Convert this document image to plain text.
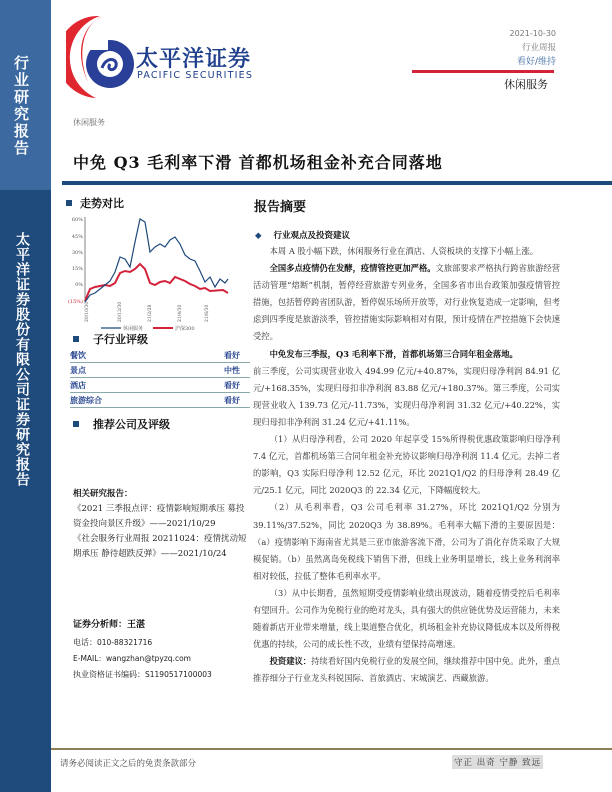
行业研究报告
太平洋证券股份有限公司证券研究报告
太平洋证券
PACIFIC SECURITIES
休闲服务
2021-10-30
行业周报
看好/维持
休闲服务
中免 Q3 毛利率下滑 首都机场租金补充合同落地
走势对比
60%
45%
30%
15%
0%
(15%) 20/10/30	20/12/30	21/2/28	21/4/30	21/6/30
休闲服务	沪深300
子行业评级
餐饮	看好
景点	中性
酒店	看好
旅游综合	看好
推荐公司及评级
相关研究报告：
《2021 三季报点评：疫情影响短期承压 募投资金投向景区升级》——2021/10/29
《社会服务行业周报 20211024：疫情扰动短期承压 静待超跌反弹》——2021/10/24
证券分析师：王湛
电话：010-88321716
E-MAIL：wangzhan@tpyzq.com
执业资格证书编码：S1190517100003
报告摘要
◆ 行业观点及投资建议

本周 A 股小幅下跌，休闲服务行业在酒店、人资板块的支撑下小幅上涨。

全国多点疫情仍在发酵，疫情管控更加严格。文旅部要求严格执行跨省旅游经营活动管理“熔断”机制，暂停经营旅游专列业务，全国多省市出台政策加强疫情管控措施，包括暂停跨省团队游，暂停娱乐场所开放等，对行业恢复造成一定影响，但考虑到四季度是旅游淡季，管控措施实际影响相对有限，预计疫情在严控措施下会快速受控。

中免发布三季报，Q3 毛利率下滑，首都机场第三合同年租金落地。

前三季度，公司实现营业收入 494.99 亿元/+40.87%，实现归母净利润 84.91 亿元/+168.35%，实现归母扣非净利润 83.88 亿元/+180.37%。第三季度，公司实现营业收入 139.73 亿元/-11.73%，实现归母净利润 31.32 亿元/+40.22%，实现归母扣非净利润 31.24 亿元/+41.11%。

（1）从归母净利看，公司 2020 年起享受 15%所得税优惠政策影响归母净利 7.4 亿元，首都机场第三合同年租金补充协议影响归母净利润 11.4 亿元。去掉二者的影响，Q3 实际归母净利 12.52 亿元，环比 2021Q1/Q2 的归母净利 28.49 亿元/25.1 亿元，同比 2020Q3 的 22.34 亿元，下降幅度较大。

（2）从毛利率看，Q3 公司毛利率 31.27%，环比 2021Q1/Q2 分别为 39.11%/37.52%，同比 2020Q3 为 38.89%。毛利率大幅下滑的主要原因是：（a）疫情影响下海南省尤其是三亚市旅游客流下滑，公司为了消化存货采取了大规模促销。（b）虽然离岛免税线下销售下滑，但线上业务明显增长，线上业务利润率相对较低，拉低了整体毛利率水平。

（3）从中长期看，虽然短期受疫情影响业绩出现波动，随着疫情受控后毛利率有望回升。公司作为免税行业的绝对龙头，具有强大的供应链优势及运营能力，未来随着新店开业带来增量，线上渠道整合优化，机场租金补充协议降低成本以及所得税优惠的持续，公司的成长性不改，业绩有望保持高增速。

投资建议：持续看好国内免税行业的发展空间，继续推荐中国中免。此外，重点推荐细分子行业龙头科锐国际、首旅酒店、宋城演艺、西藏旅游。

请务必阅读正文之后的免责条款部分	守正 出奇 宁静 致远
